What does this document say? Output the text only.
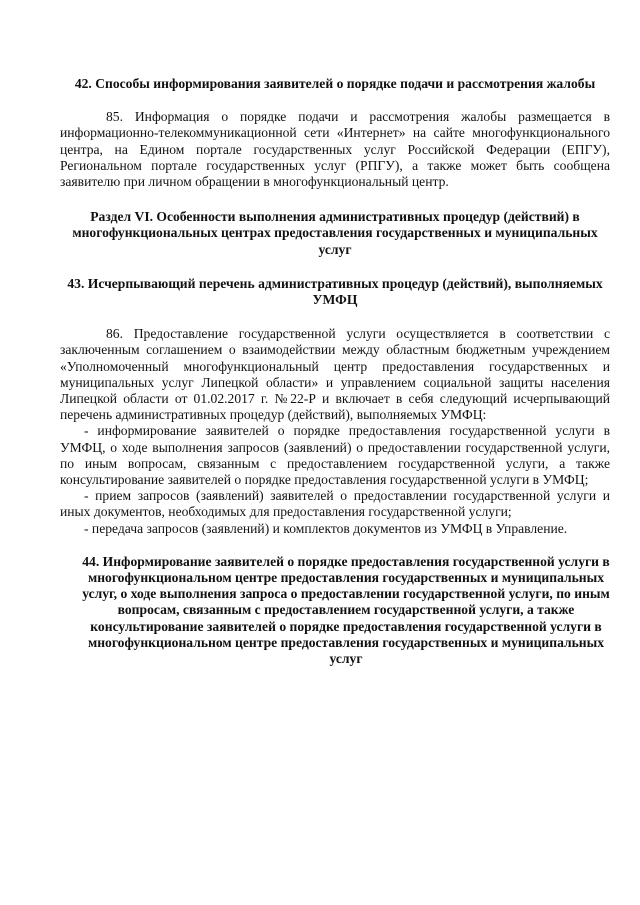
42. Способы информирования заявителей о порядке подачи и рассмотрения жалобы

85. Информация о порядке подачи и рассмотрения жалобы размещается в информационно-телекоммуникационной сети «Интернет» на сайте многофункционального центра, на Едином портале государственных услуг Российской Федерации (ЕПГУ), Региональном портале государственных услуг (РПГУ), а также может быть сообщена заявителю при личном обращении в многофункциональный центр.

Раздел VI. Особенности выполнения административных процедур (действий) в многофункциональных центрах предоставления государственных и муниципальных услуг

43. Исчерпывающий перечень административных процедур (действий), выполняемых УМФЦ

86. Предоставление государственной услуги осуществляется в соответствии с заключенным соглашением о взаимодействии между областным бюджетным учреждением «Уполномоченный многофункциональный центр предоставления государственных и муниципальных услуг Липецкой области» и управлением социальной защиты населения Липецкой области от 01.02.2017 г. №22-Р и включает в себя следующий исчерпывающий перечень административных процедур (действий), выполняемых УМФЦ:

- информирование заявителей о порядке предоставления государственной услуги в УМФЦ, о ходе выполнения запросов (заявлений) о предоставлении государственной услуги, по иным вопросам, связанным с предоставлением государственной услуги, а также консультирование заявителей о порядке предоставления государственной услуги в УМФЦ;

- прием запросов (заявлений) заявителей о предоставлении государственной услуги и иных документов, необходимых для предоставления государственной услуги;

- передача запросов (заявлений) и комплектов документов из УМФЦ в Управление.

44. Информирование заявителей о порядке предоставления государственной услуги в многофункциональном центре предоставления государственных и муниципальных услуг, о ходе выполнения запроса о предоставлении государственной услуги, по иным вопросам, связанным с предоставлением государственной услуги, а также консультирование заявителей о порядке предоставления государственной услуги в многофункциональном центре предоставления государственных и муниципальных услуг
